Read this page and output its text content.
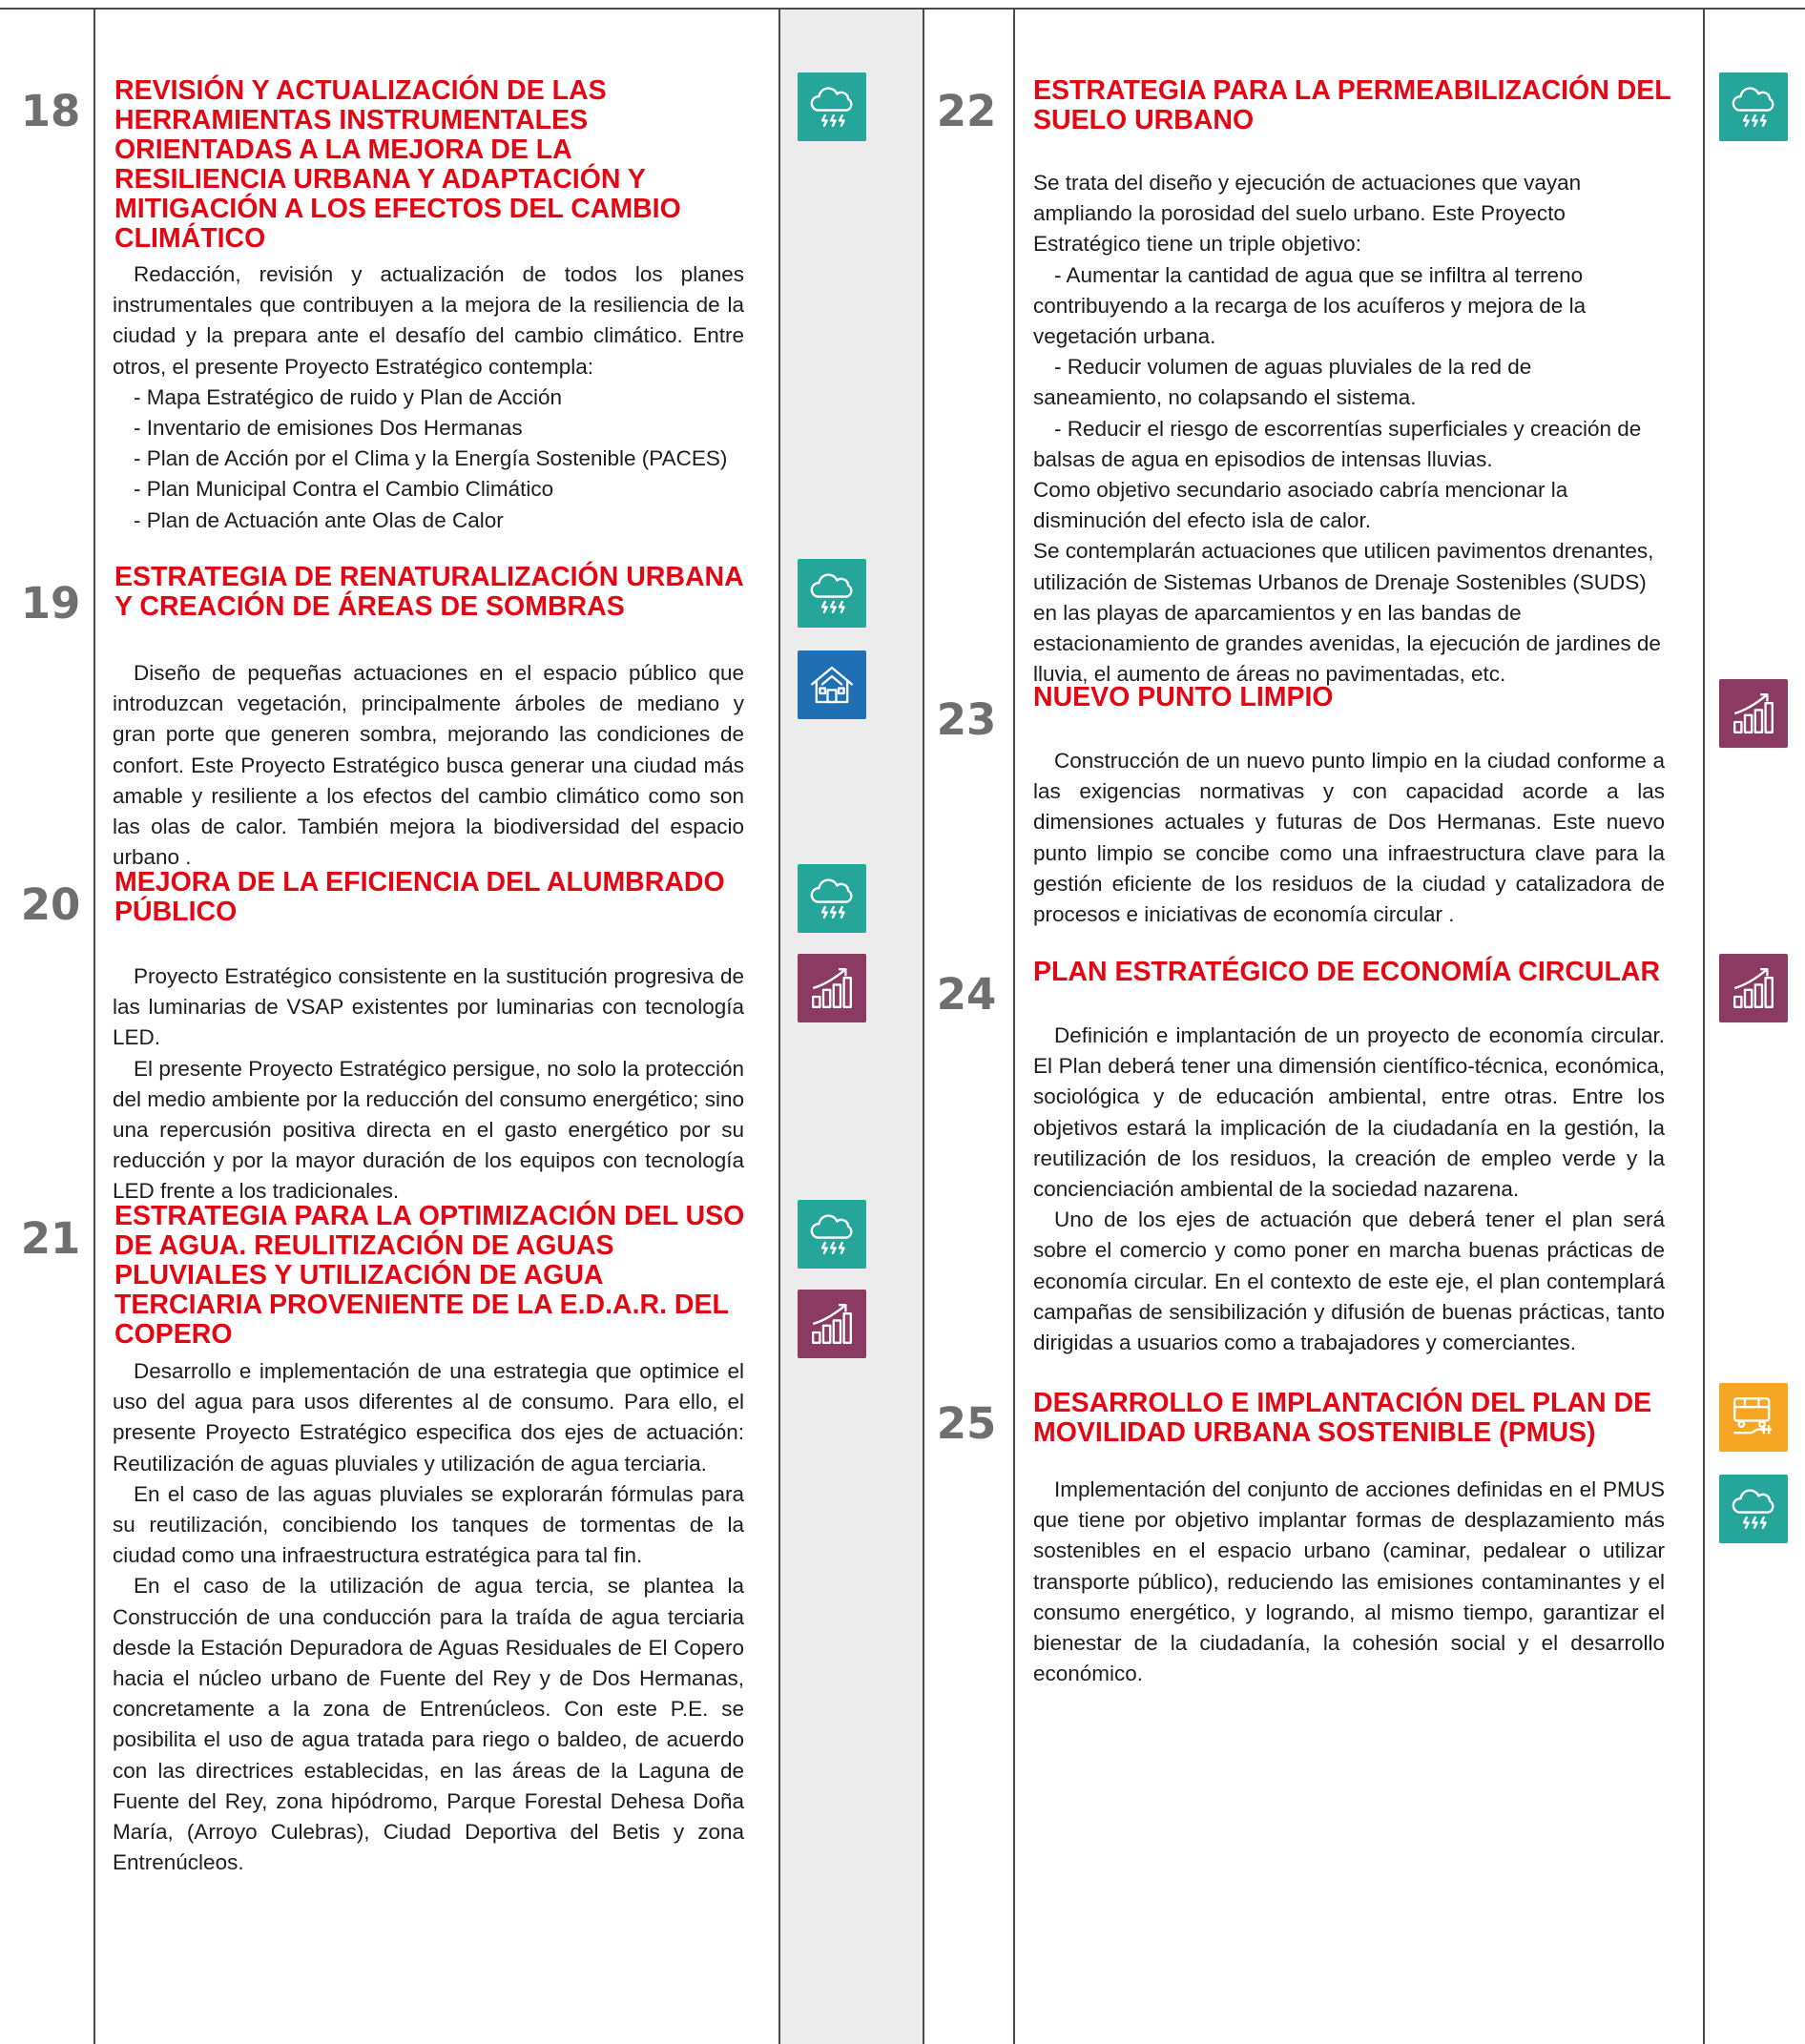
18	REVISIÓN Y ACTUALIZACIÓN DE LAS HERRAMIENTAS INSTRUMENTALES ORIENTADAS A LA MEJORA DE LA RESILIENCIA URBANA Y ADAPTACIÓN Y MITIGACIÓN A LOS EFECTOS DEL CAMBIO CLIMÁTICO

Redacción, revisión y actualización de todos los planes instrumentales que contribuyen a la mejora de la resiliencia de la ciudad y la prepara ante el desafío del cambio climático. Entre otros, el presente Proyecto Estratégico contempla:

- Mapa Estratégico de ruido y Plan de Acción

- Inventario de emisiones Dos Hermanas

- Plan de Acción por el Clima y la Energía Sostenible (PACES)

- Plan Municipal Contra el Cambio Climático

- Plan de Actuación ante Olas de Calor

19
ESTRATEGIA DE RENATURALIZACIÓN URBANA Y CREACIÓN DE ÁREAS DE SOMBRAS

Diseño de pequeñas actuaciones en el espacio público que introduzcan vegetación, principalmente árboles de mediano y gran porte que generen sombra, mejorando las condiciones de confort. Este Proyecto Estratégico busca generar una ciudad más amable y resiliente a los efectos del cambio climático como son las olas de calor. También mejora la biodiversidad del espacio urbano .

20	MEJORA DE LA EFICIENCIA DEL ALUMBRADO PÚBLICO

Proyecto Estratégico consistente en la sustitución progresiva de las luminarias de VSAP existentes por luminarias con tecnología LED.

El presente Proyecto Estratégico persigue, no solo la protección del medio ambiente por la reducción del consumo energético; sino una repercusión positiva directa en el gasto energético por su reducción y por la mayor duración de los equipos con tecnología LED frente a los tradicionales.

21	ESTRATEGIA PARA LA OPTIMIZACIÓN DEL USO DE AGUA. REULITIZACIÓN DE AGUAS PLUVIALES Y UTILIZACIÓN DE AGUA TERCIARIA PROVENIENTE DE LA E.D.A.R. DEL COPERO

Desarrollo e implementación de una estrategia que optimice el uso del agua para usos diferentes al de consumo. Para ello, el presente Proyecto Estratégico especifica dos ejes de actuación: Reutilización de aguas pluviales y utilización de agua terciaria.

En el caso de las aguas pluviales se explorarán fórmulas para su reutilización, concibiendo los tanques de tormentas de la ciudad como una infraestructura estratégica para tal fin.

En el caso de la utilización de agua tercia, se plantea la Construcción de una conducción para la traída de agua terciaria desde la Estación Depuradora de Aguas Residuales de El Copero hacia el núcleo urbano de Fuente del Rey y de Dos Hermanas, concretamente a la zona de Entrenúcleos. Con este P.E. se posibilita el uso de agua tratada para riego o baldeo, de acuerdo con las directrices establecidas, en las áreas de la Laguna de Fuente del Rey, zona hipódromo, Parque Forestal Dehesa Doña María, (Arroyo Culebras), Ciudad Deportiva del Betis y zona Entrenúcleos.

22	ESTRATEGIA PARA LA PERMEABILIZACIÓN DEL SUELO URBANO

Se trata del diseño y ejecución de actuaciones que vayan ampliando la porosidad del suelo urbano. Este Proyecto Estratégico tiene un triple objetivo:

- Aumentar la cantidad de agua que se infiltra al terreno contribuyendo a la recarga de los acuíferos y mejora de la vegetación urbana.

- Reducir volumen de aguas pluviales de la red de saneamiento, no colapsando el sistema.

- Reducir el riesgo de escorrentías superficiales y creación de balsas de agua en episodios de intensas lluvias.

Como objetivo secundario asociado cabría mencionar la disminución del efecto isla de calor.

Se contemplarán actuaciones que utilicen pavimentos drenantes, utilización de Sistemas Urbanos de Drenaje Sostenibles (SUDS) en las playas de aparcamientos y en las bandas de estacionamiento de grandes avenidas, la ejecución de jardines de lluvia, el aumento de áreas no pavimentadas, etc.

23	NUEVO PUNTO LIMPIO

Construcción de un nuevo punto limpio en la ciudad conforme a las exigencias normativas y con capacidad acorde a las dimensiones actuales y futuras de Dos Hermanas. Este nuevo punto limpio se concibe como una infraestructura clave para la gestión eficiente de los residuos de la ciudad y catalizadora de procesos e iniciativas de economía circular .

24	PLAN ESTRATÉGICO DE ECONOMÍA CIRCULAR

Definición e implantación de un proyecto de economía circular. El Plan deberá tener una dimensión científico-técnica, económica, sociológica y de educación ambiental, entre otras. Entre los objetivos estará la implicación de la ciudadanía en la gestión, la reutilización de los residuos, la creación de empleo verde y la concienciación ambiental de la sociedad nazarena.

Uno de los ejes de actuación que deberá tener el plan será sobre el comercio y como poner en marcha buenas prácticas de economía circular. En el contexto de este eje, el plan contemplará campañas de sensibilización y difusión de buenas prácticas, tanto dirigidas a usuarios como a trabajadores y comerciantes.

25	DESARROLLO E IMPLANTACIÓN DEL PLAN DE MOVILIDAD URBANA SOSTENIBLE (PMUS)

Implementación del conjunto de acciones definidas en el PMUS que tiene por objetivo implantar formas de desplazamiento más sostenibles en el espacio urbano (caminar, pedalear o utilizar transporte público), reduciendo las emisiones contaminantes y el consumo energético, y logrando, al mismo tiempo, garantizar el bienestar de la ciudadanía, la cohesión social y el desarrollo económico.
